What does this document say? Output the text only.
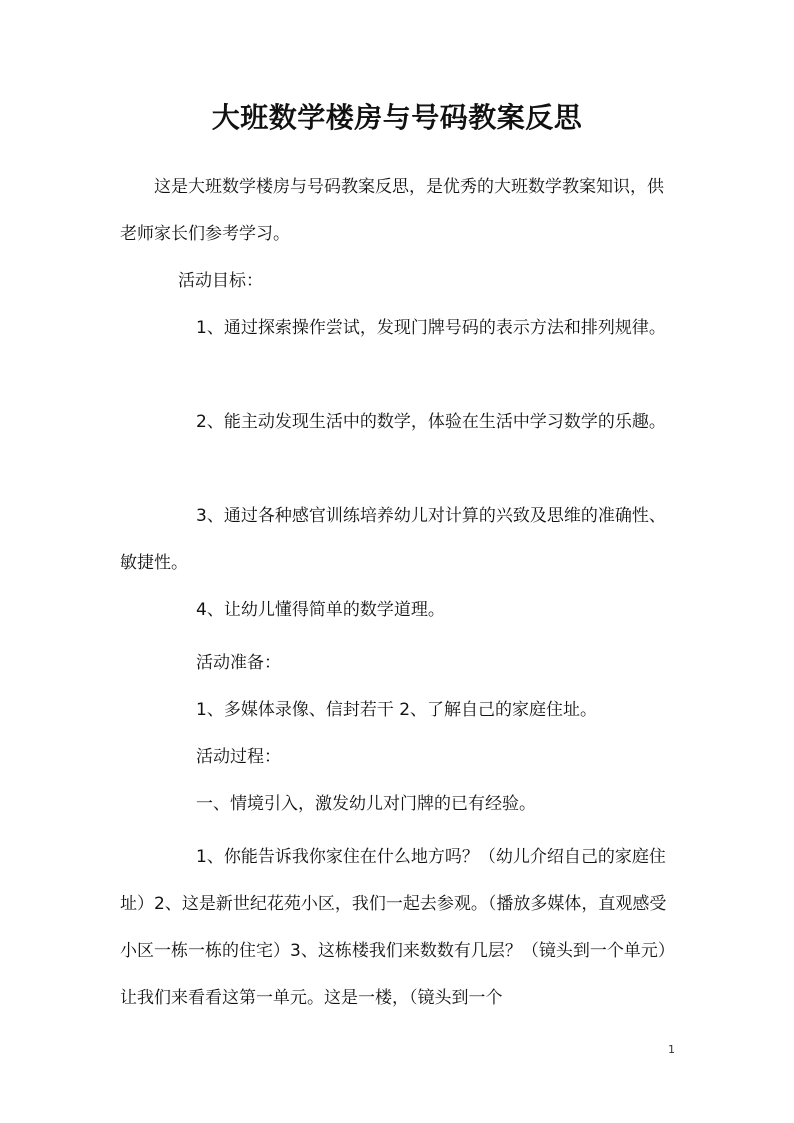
大班数学楼房与号码教案反思

这是大班数学楼房与号码教案反思，是优秀的大班数学教案知识，供老师家长们参考学习。

活动目标：

1、通过探索操作尝试，发现门牌号码的表示方法和排列规律。

2、能主动发现生活中的数学，体验在生活中学习数学的乐趣。

3、通过各种感官训练培养幼儿对计算的兴致及思维的准确性、敏捷性。

4、让幼儿懂得简单的数学道理。

活动准备：

1、多媒体录像、信封若干 2、了解自己的家庭住址。

活动过程：

一、情境引入，激发幼儿对门牌的已有经验。

1、你能告诉我你家住在什么地方吗？（幼儿介绍自己的家庭住址）2、这是新世纪花苑小区，我们一起去参观。（播放多媒体，直观感受小区一栋一栋的住宅）3、这栋楼我们来数数有几层？（镜头到一个单元）让我们来看看这第一单元。这是一楼，（镜头到一个

1
